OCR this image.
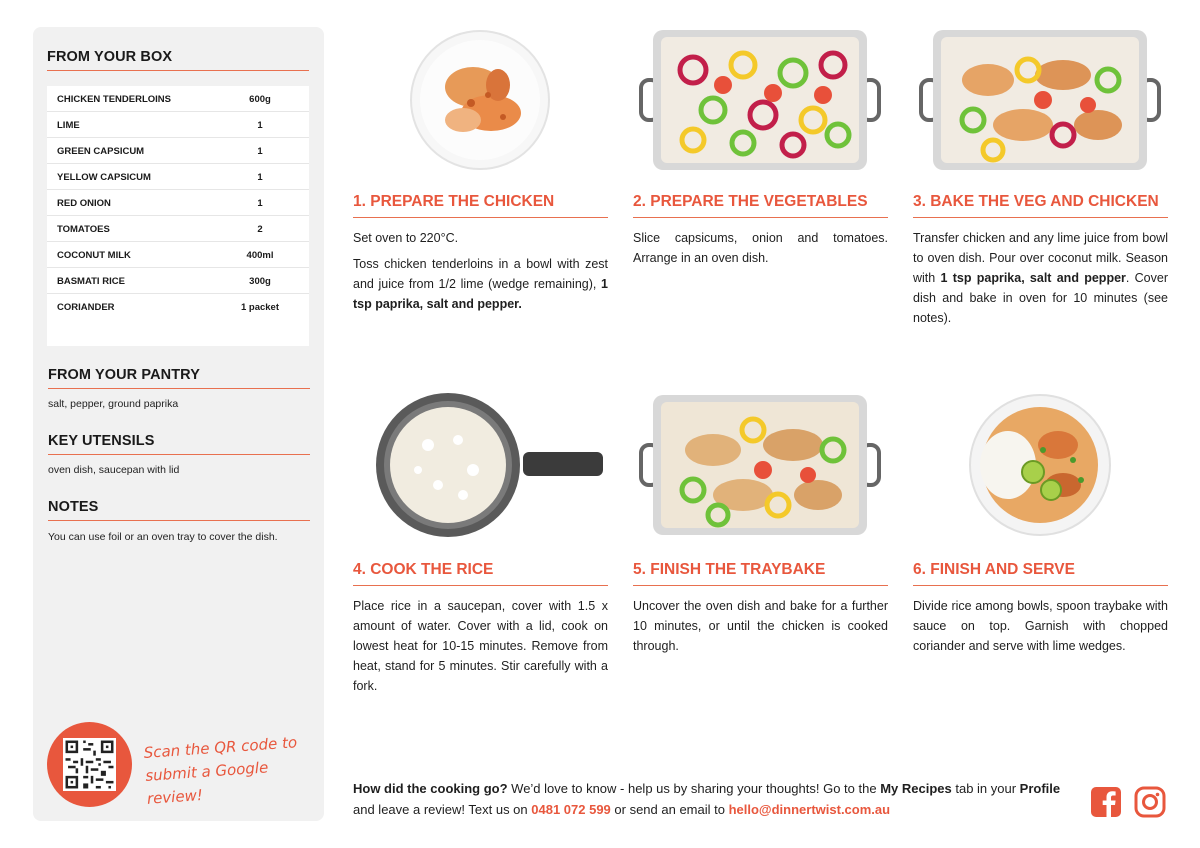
FROM YOUR BOX
CHICKEN TENDERLOINS	600g
LIME	1
GREEN CAPSICUM	1
YELLOW CAPSICUM	1
RED ONION	1
TOMATOES	2
COCONUT MILK	400ml
BASMATI RICE	300g
CORIANDER	1 packet
FROM YOUR PANTRY
salt, pepper, ground paprika
KEY UTENSILS
oven dish, saucepan with lid
NOTES
You can use foil or an oven tray to cover the dish.
Scan the QR code to
submit a Google review!
1. PREPARE THE CHICKEN	2. PREPARE THE VEGETABLES	3. BAKE THE VEG AND CHICKEN
4. COOK THE RICE	5. FINISH THE TRAYBAKE	6. FINISH AND SERVE

Set oven to 220°C.

Toss chicken tenderloins in a bowl with zest and juice from 1/2 lime (wedge remaining), 1 tsp paprika, salt and pepper.

Slice capsicums, onion and tomatoes. Arrange in an oven dish.

Transfer chicken and any lime juice from bowl to oven dish. Pour over coconut milk. Season with 1 tsp paprika, salt and pepper. Cover dish and bake in oven for 10 minutes (see notes).

Place rice in a saucepan, cover with 1.5 x amount of water. Cover with a lid, cook on lowest heat for 10-15 minutes. Remove from heat, stand for 5 minutes. Stir carefully with a fork.

Uncover the oven dish and bake for a further 10 minutes, or until the chicken is cooked through.

Divide rice among bowls, spoon traybake with sauce on top. Garnish with chopped coriander and serve with lime wedges.

How did the cooking go? We’d love to know - help us by sharing your thoughts! Go to the My Recipes tab in your Profile and leave a review! Text us on 0481 072 599 or send an email to hello@dinnertwist.com.au
